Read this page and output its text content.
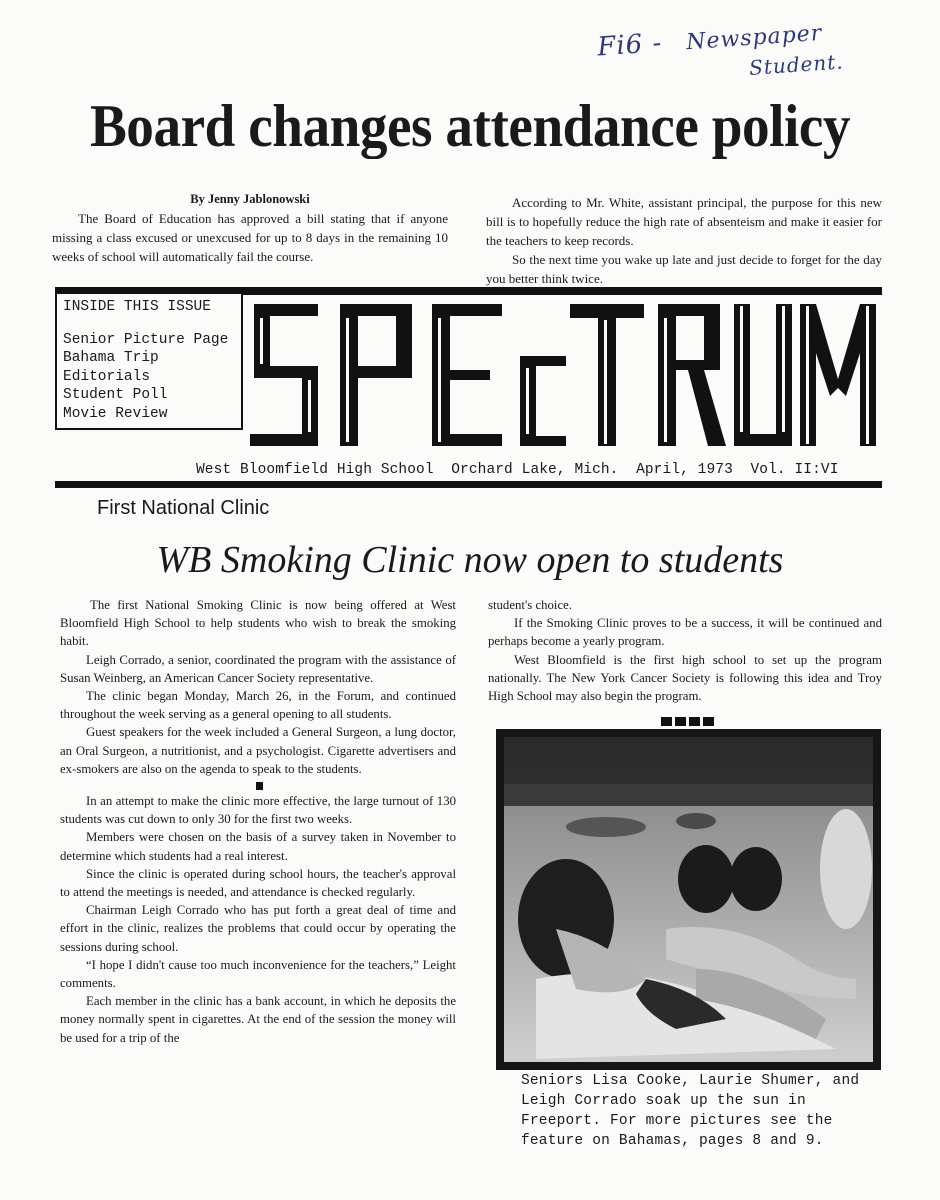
Fi6 - Newspaper
Student.
Board changes attendance policy

By Jenny Jablonowski

The Board of Education has approved a bill stating that if anyone missing a class excused or unexcused for up to 8 days in the remaining 10 weeks of school will automatically fail the course.

According to Mr. White, assistant principal, the purpose for this new bill is to hopefully reduce the high rate of absenteism and make it easier for the teachers to keep records.

So the next time you wake up late and just decide to forget for the day you better think twice.

INSIDE THIS ISSUE
Senior Picture Page
Bahama Trip
Editorials
Student Poll
Movie Review
West Bloomfield High School  Orchard Lake, Mich.  April, 1973  Vol. II:VI
First National Clinic
WB Smoking Clinic now open to students

The first National Smoking Clinic is now being offered at West Bloomfield High School to help students who wish to break the smoking habit.

Leigh Corrado, a senior, coordinated the program with the assistance of Susan Weinberg, an American Cancer Society representative.

The clinic began Monday, March 26, in the Forum, and continued throughout the week serving as a general opening to all students.

Guest speakers for the week included a General Surgeon, a lung doctor, an Oral Surgeon, a nutritionist, and a psychologist. Cigarette advertisers and ex-smokers are also on the agenda to speak to the students.

In an attempt to make the clinic more effective, the large turnout of 130 students was cut down to only 30 for the first two weeks.

Members were chosen on the basis of a survey taken in November to determine which students had a real interest.

Since the clinic is operated during school hours, the teacher's approval to attend the meetings is needed, and attendance is checked regularly.

Chairman Leigh Corrado who has put forth a great deal of time and effort in the clinic, realizes the problems that could occur by operating the sessions during school.

“I hope I didn't cause too much inconvenience for the teachers,” Leight comments.

Each member in the clinic has a bank account, in which he deposits the money normally spent in cigarettes. At the end of the session the money will be used for a trip of the

student's choice.

If the Smoking Clinic proves to be a success, it will be continued and perhaps become a yearly program.

West Bloomfield is the first high school to set up the program nationally. The New York Cancer Society is following this idea and Troy High School may also begin the program.

Seniors Lisa Cooke, Laurie Shumer, and Leigh Corrado soak up the sun in Freeport. For more pictures see the feature on Bahamas, pages 8 and 9.
